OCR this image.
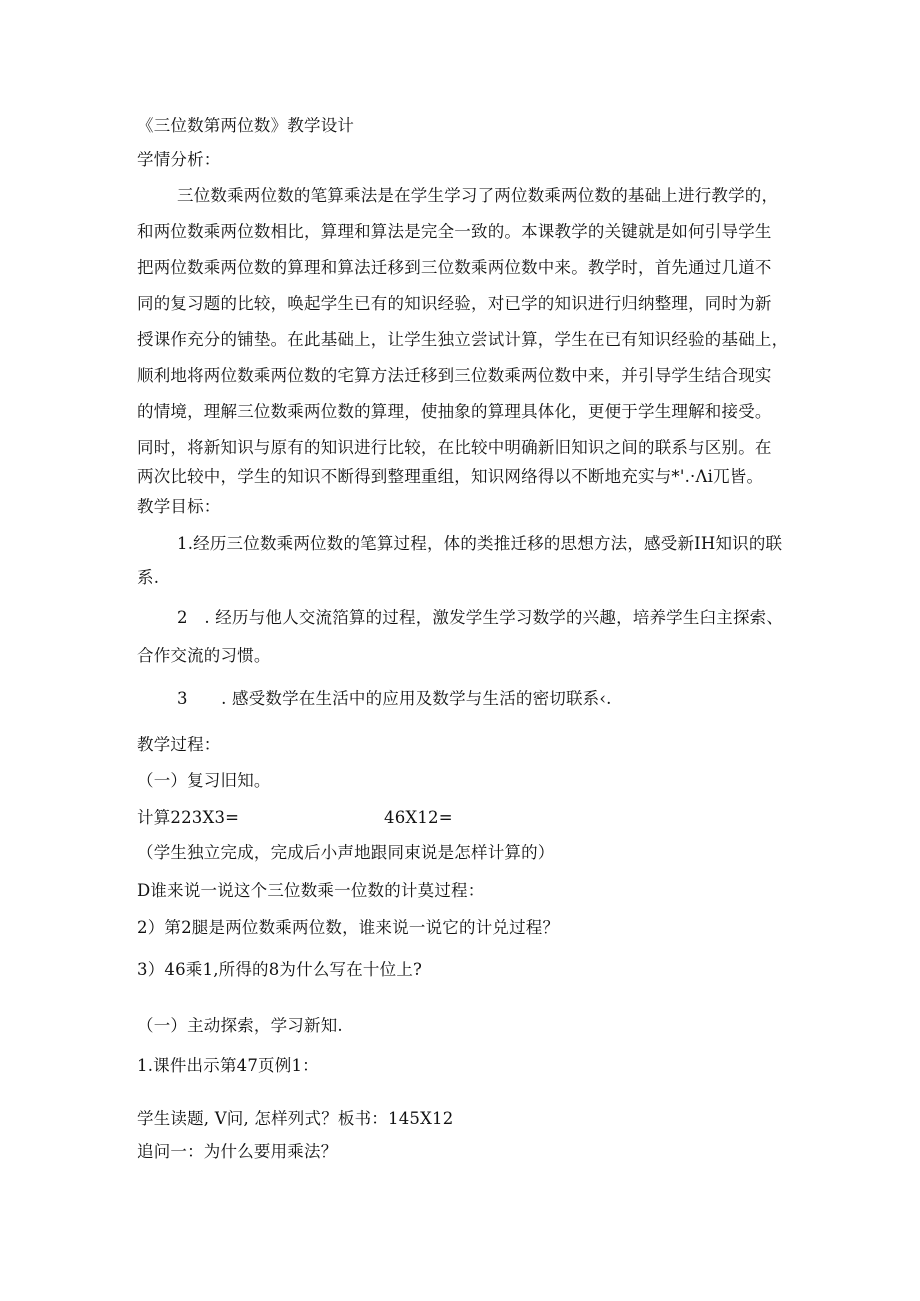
《三位数第两位数》教学设计
学情分析：
三位数乘两位数的笔算乘法是在学生学习了两位数乘两位数的基础上进行教学的，
和两位数乘两位数相比，算理和算法是完全一致的。本课教学的关键就是如何引导学生
把两位数乘两位数的算理和算法迁移到三位数乘两位数中来。教学时，首先通过几道不
同的复习题的比较，唤起学生已有的知识经验，对已学的知识进行归纳整理，同时为新
授课作充分的铺垫。在此基础上，让学生独立尝试计算，学生在已有知识经验的基础上，
顺利地将两位数乘两位数的宅算方法迁移到三位数乘两位数中来，并引导学生结合现实
的情境，理解三位数乘两位数的算理，使抽象的算理具体化，更便于学生理解和接受。
同时，将新知识与原有的知识进行比较，在比较中明确新旧知识之间的联系与区别。在
两次比较中，学生的知识不断得到整理重组，知识网络得以不断地充实与*'.·Λi兀皆。
教学目标：
1.经历三位数乘两位数的笔算过程，体的类推迁移的思想方法，感受新IH知识的联
系.
2　. 经历与他人交流箔算的过程，激发学生学习数学的兴趣，培养学生臼主探索、
合作交流的习惯。
3　　. 感受数学在生活中的应用及数学与生活的密切联系‹.
教学过程：
（一）复习旧知。
计算223X3=	46X12=
（学生独立完成，完成后小声地跟同束说是怎样计算的）
D谁来说一说这个三位数乘一位数的计莫过程：
2）第2腿是两位数乘两位数，谁来说一说它的计兑过程？
3）46乘1,所得的8为什么写在十位上?
（一）主动探索，学习新知.
1.课件出示第47页例1：
学生读题, V问, 怎样列式？板书：145X12
追问一：为什么要用乘法？
